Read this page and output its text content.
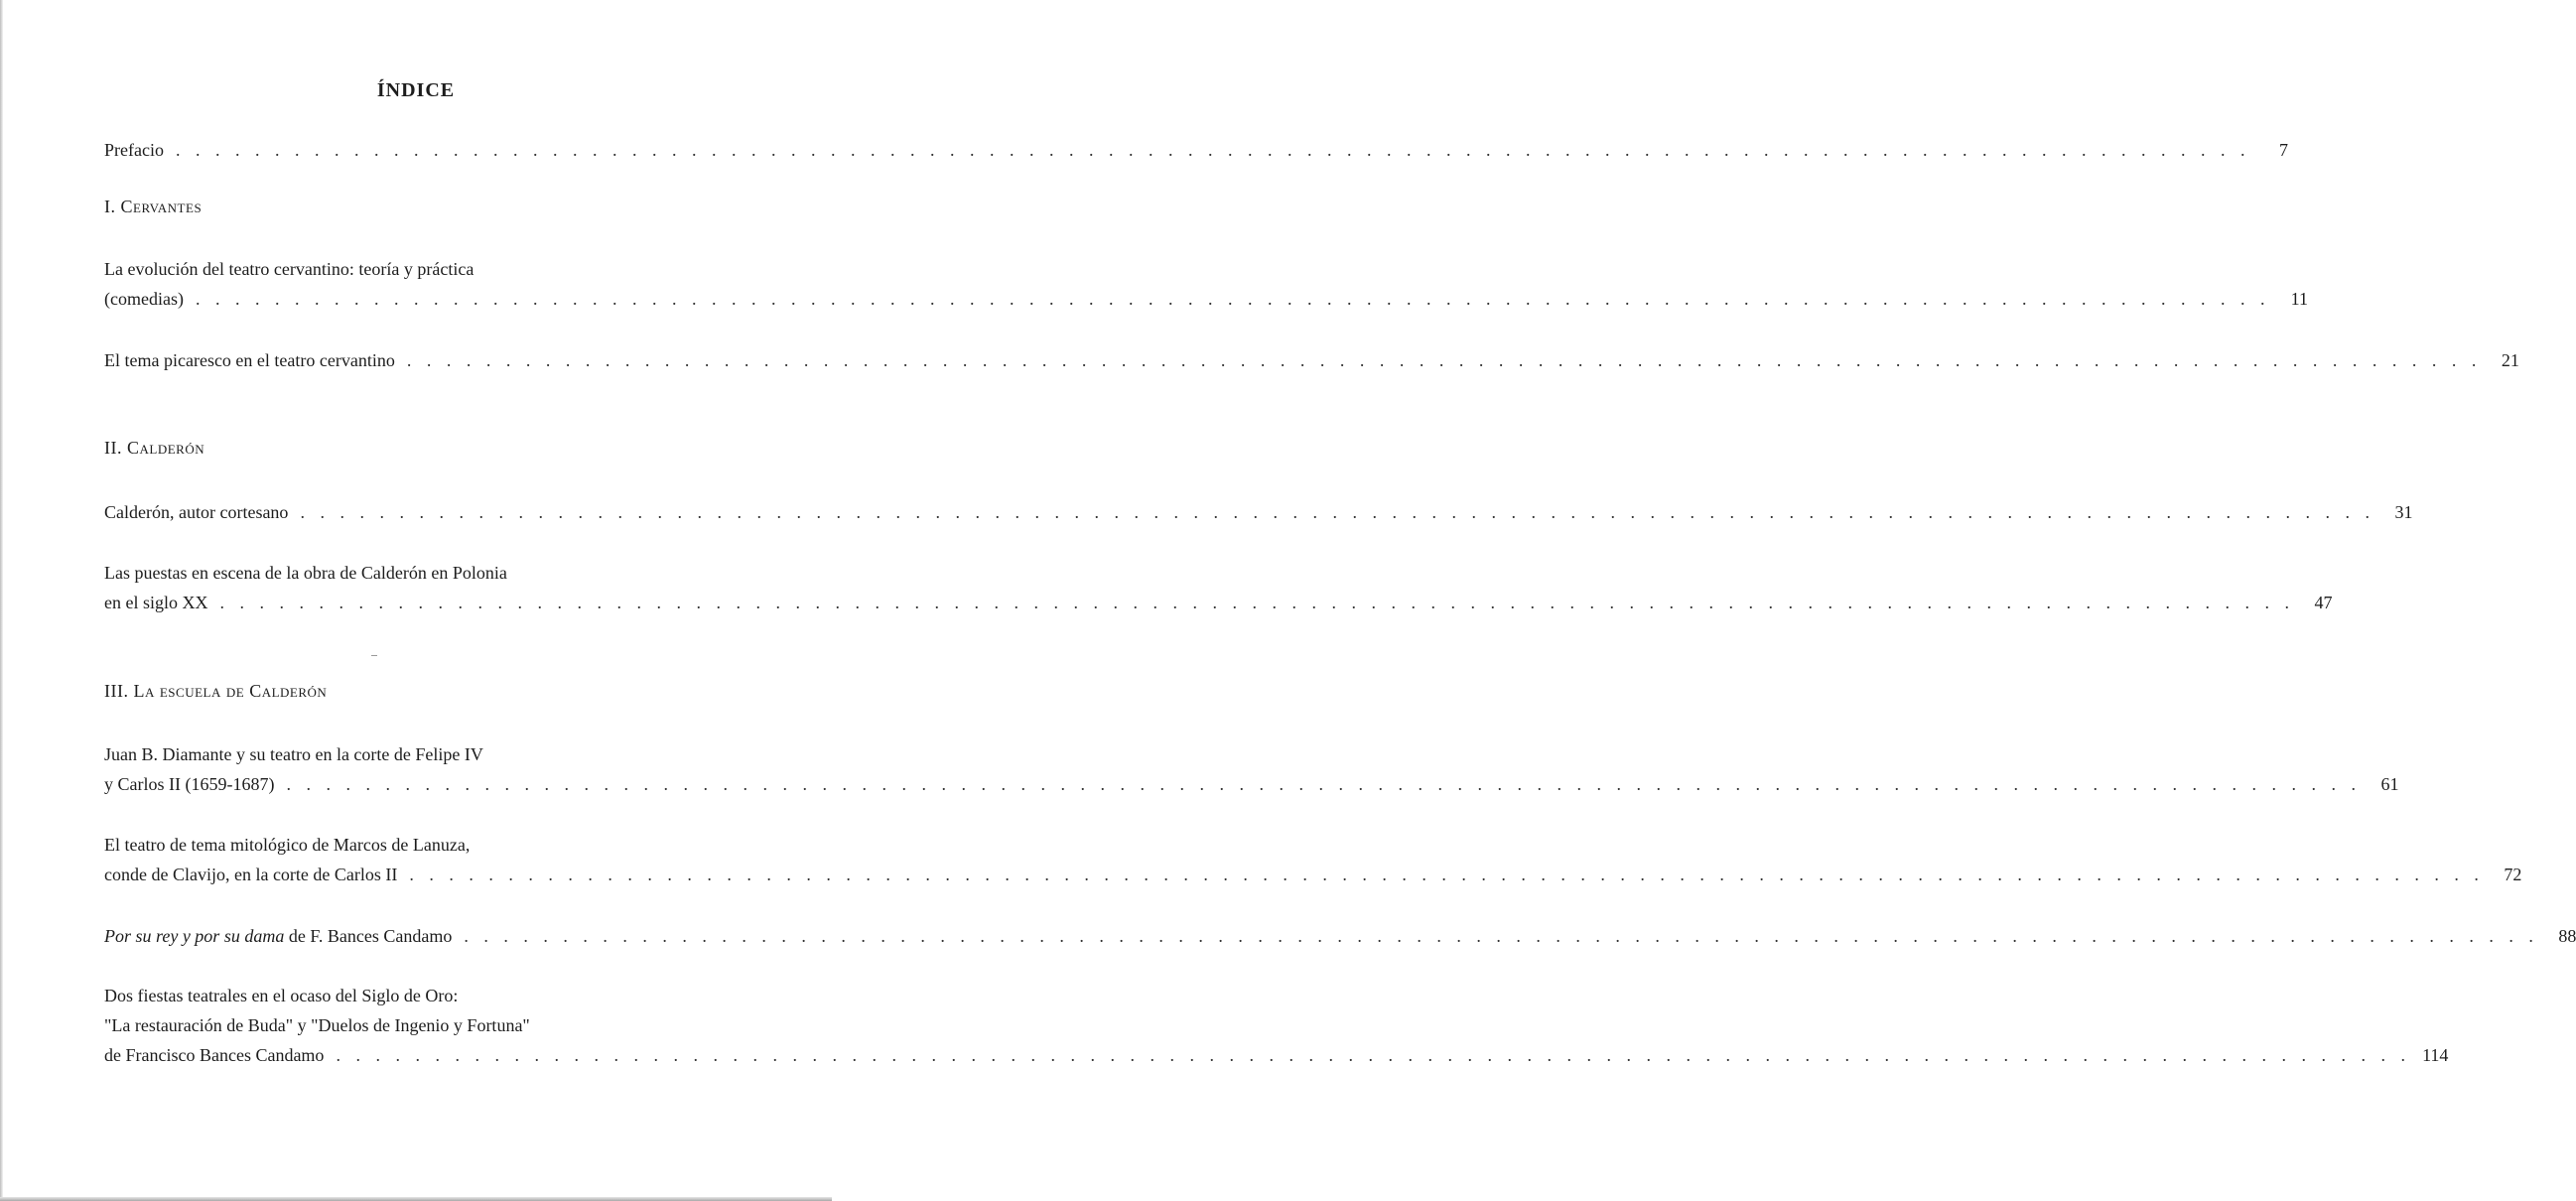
ÍNDICE
Prefacio . . . . . . . . . . . . . . . . . . . . . . . . . . . . . . . . . . . . . . . . . . . . . . . . . . . . . . . . . . . . . . . . . . . . . . . . . . . . . . . . . . . . . . . . . . . . . . . . . . . . . . . . .	7
I. Cervantes
La evolución del teatro cervantino: teoría y práctica
(comedias) . . . . . . . . . . . . . . . . . . . . . . . . . . . . . . . . . . . . . . . . . . . . . . . . . . . . . . . . . . . . . . . . . . . . . . . . . . . . . . . . . . . . . . . . . . . . . . . . . . . . . . . . .	11
El tema picaresco en el teatro cervantino . . . . . . . . . . . . . . . . . . . . . . . . . . . . . . . . . . . . . . . . . . . . . . . . . . . . . . . . . . . . . . . . . . . . . . . . . . . . . . . . . . . . . . . . . . . . . . . . . . . . . . . . .	21
II. Calderón
Calderón, autor cortesano . . . . . . . . . . . . . . . . . . . . . . . . . . . . . . . . . . . . . . . . . . . . . . . . . . . . . . . . . . . . . . . . . . . . . . . . . . . . . . . . . . . . . . . . . . . . . . . . . . . . . . . . .	31
Las puestas en escena de la obra de Calderón en Polonia
en el siglo XX . . . . . . . . . . . . . . . . . . . . . . . . . . . . . . . . . . . . . . . . . . . . . . . . . . . . . . . . . . . . . . . . . . . . . . . . . . . . . . . . . . . . . . . . . . . . . . . . . . . . . . . . .	47
III. La escuela de Calderón
Juan B. Diamante y su teatro en la corte de Felipe IV
y Carlos II (1659-1687) . . . . . . . . . . . . . . . . . . . . . . . . . . . . . . . . . . . . . . . . . . . . . . . . . . . . . . . . . . . . . . . . . . . . . . . . . . . . . . . . . . . . . . . . . . . . . . . . . . . . . . . . .	61
El teatro de tema mitológico de Marcos de Lanuza,
conde de Clavijo, en la corte de Carlos II . . . . . . . . . . . . . . . . . . . . . . . . . . . . . . . . . . . . . . . . . . . . . . . . . . . . . . . . . . . . . . . . . . . . . . . . . . . . . . . . . . . . . . . . . . . . . . . . . . . . . . . . .	72
Por su rey y por su dama de F. Bances Candamo . . . . . . . . . . . . . . . . . . . . . . . . . . . . . . . . . . . . . . . . . . . . . . . . . . . . . . . . . . . . . . . . . . . . . . . . . . . . . . . . . . . . . . . . . . . . . . . . . . . . . . . . .	88
Dos fiestas teatrales en el ocaso del Siglo de Oro:
"La restauración de Buda" y "Duelos de Ingenio y Fortuna"
de Francisco Bances Candamo . . . . . . . . . . . . . . . . . . . . . . . . . . . . . . . . . . . . . . . . . . . . . . . . . . . . . . . . . . . . . . . . . . . . . . . . . . . . . . . . . . . . . . . . . . . . . . . . . . . . . . . . . 114
